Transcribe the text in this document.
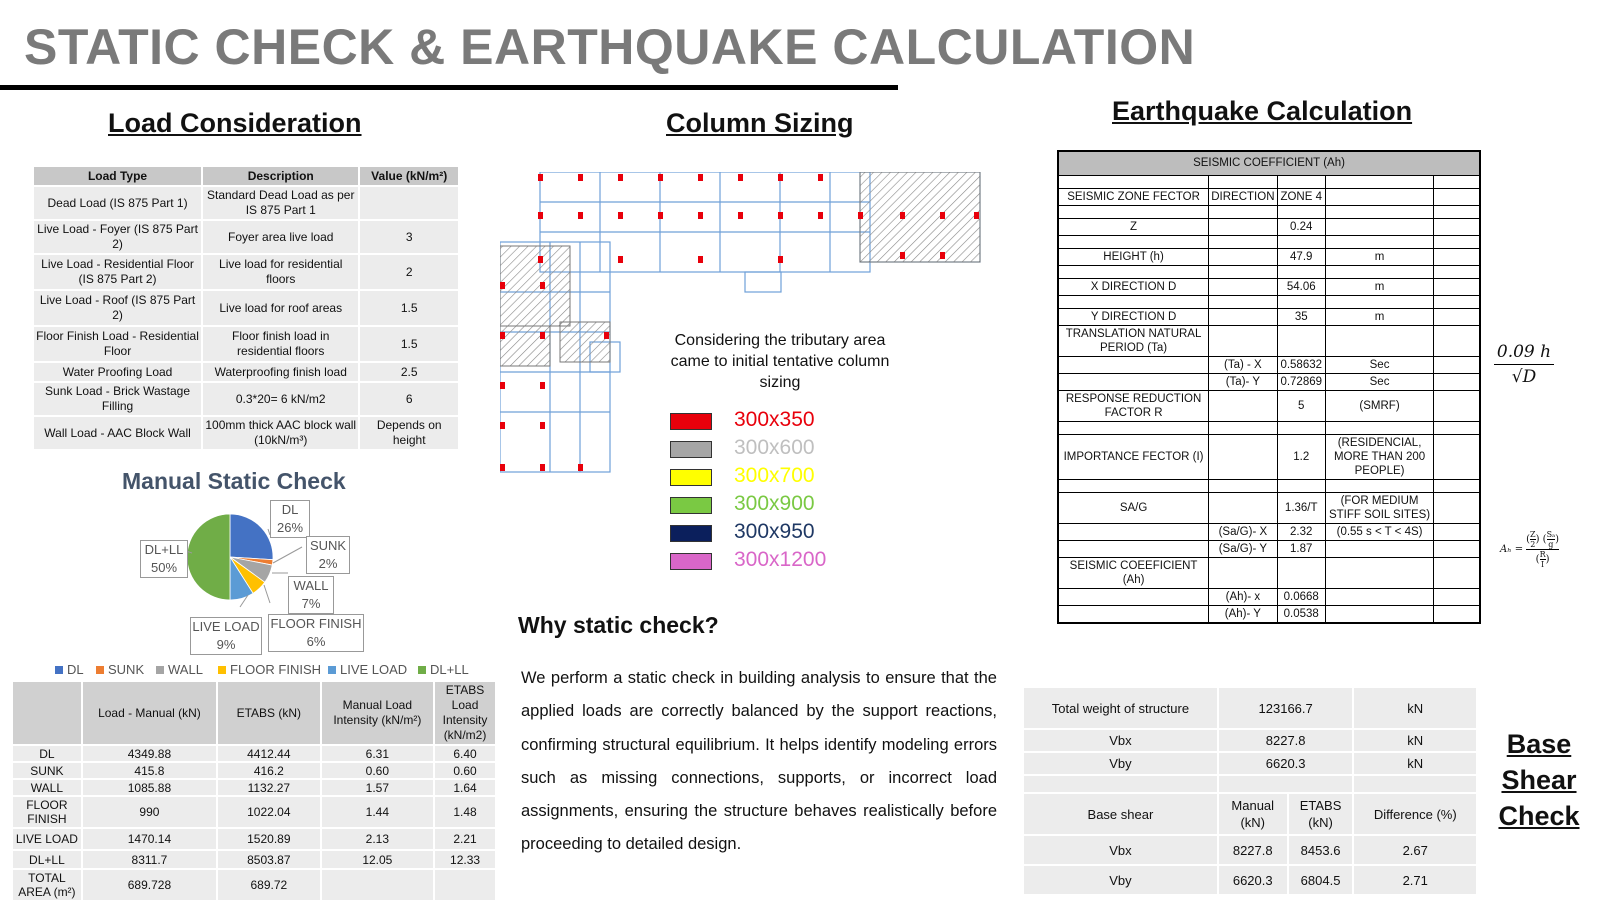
STATIC CHECK & EARTHQUAKE CALCULATION
Load Consideration
Load Type	Description	Value (kN/m²)
Dead Load (IS 875 Part 1)	Standard Dead Load as per IS 875 Part 1	
Live Load - Foyer (IS 875 Part 2)	Foyer area live load	3
Live Load - Residential Floor (IS 875 Part 2)	Live load for residential floors	2
Live Load - Roof (IS 875 Part 2)	Live load for roof areas	1.5
Floor Finish Load - Residential Floor	Floor finish load in residential floors	1.5
Water Proofing Load	Waterproofing finish load	2.5
Sunk Load - Brick Wastage Filling	0.3*20= 6 kN/m2	6
Wall Load - AAC Block Wall	100mm thick AAC block wall (10kN/m³)	Depends on height
Manual Static Check
DL
26%
SUNK
2%
WALL
7%
FLOOR FINISH
6%
LIVE LOAD
9%
DL+LL
50%
DL	SUNK	WALL	FLOOR FINISH	LIVE LOAD	DL+LL
	Load - Manual (kN)	ETABS (kN)	Manual Load Intensity (kN/m²)	ETABS Load Intensity (kN/m2)
DL	4349.88	4412.44	6.31	6.40
SUNK	415.8	416.2	0.60	0.60
WALL	1085.88	1132.27	1.57	1.64
FLOOR FINISH	990	1022.04	1.44	1.48
LIVE LOAD	1470.14	1520.89	2.13	2.21
DL+LL	8311.7	8503.87	12.05	12.33
TOTAL AREA (m²)	689.728	689.72		
Column Sizing
Considering the tributary area came to initial tentative column sizing
300x350
300x600
300x700
300x900
300x950
300x1200
Why static check?
We perform a static check in building analysis to ensure that the applied loads are correctly balanced by the support reactions, confirming structural equilibrium. It helps identify modeling errors such as missing connections, supports, or incorrect load assignments, ensuring the structure behaves realistically before proceeding to detailed design.
Earthquake Calculation
SEISMIC COEFFICIENT (Ah)				

SEISMIC ZONE FECTOR	DIRECTION	ZONE 4		

Z		0.24		

HEIGHT (h)		47.9	m	

X DIRECTION D		54.06	m	

Y DIRECTION D		35	m	
TRANSLATION NATURAL PERIOD (Ta)				
	(Ta) - X	0.58632	Sec	
	(Ta)- Y	0.72869	Sec	
RESPONSE REDUCTION FACTOR R		5	(SMRF)	

IMPORTANCE FECTOR (I)		1.2	(RESIDENCIAL, MORE THAN 200 PEOPLE)	

SA/G		1.36/T	(FOR MEDIUM STIFF SOIL SITES)	
	(Sa/G)- X	2.32	(0.55 s < T < 4S)	
	(Sa/G)- Y	1.87		
SEISMIC COEEFICIENT (Ah)				
	(Ah)- x	0.0668		
	(Ah)- Y	0.0538		
$\frac{0.09 h}{√D}$
Aₕ =
( Z
2 ) ( Sₐ
g )
( R
I )
Total weight of structure	123166.7		kN
Vbx	8227.8		kN
Vby	6620.3		kN

Base shear	Manual (kN)	ETABS (kN)	Difference (%)
Vbx	8227.8	8453.6	2.67
Vby	6620.3	6804.5	2.71
Base
Shear
Check
